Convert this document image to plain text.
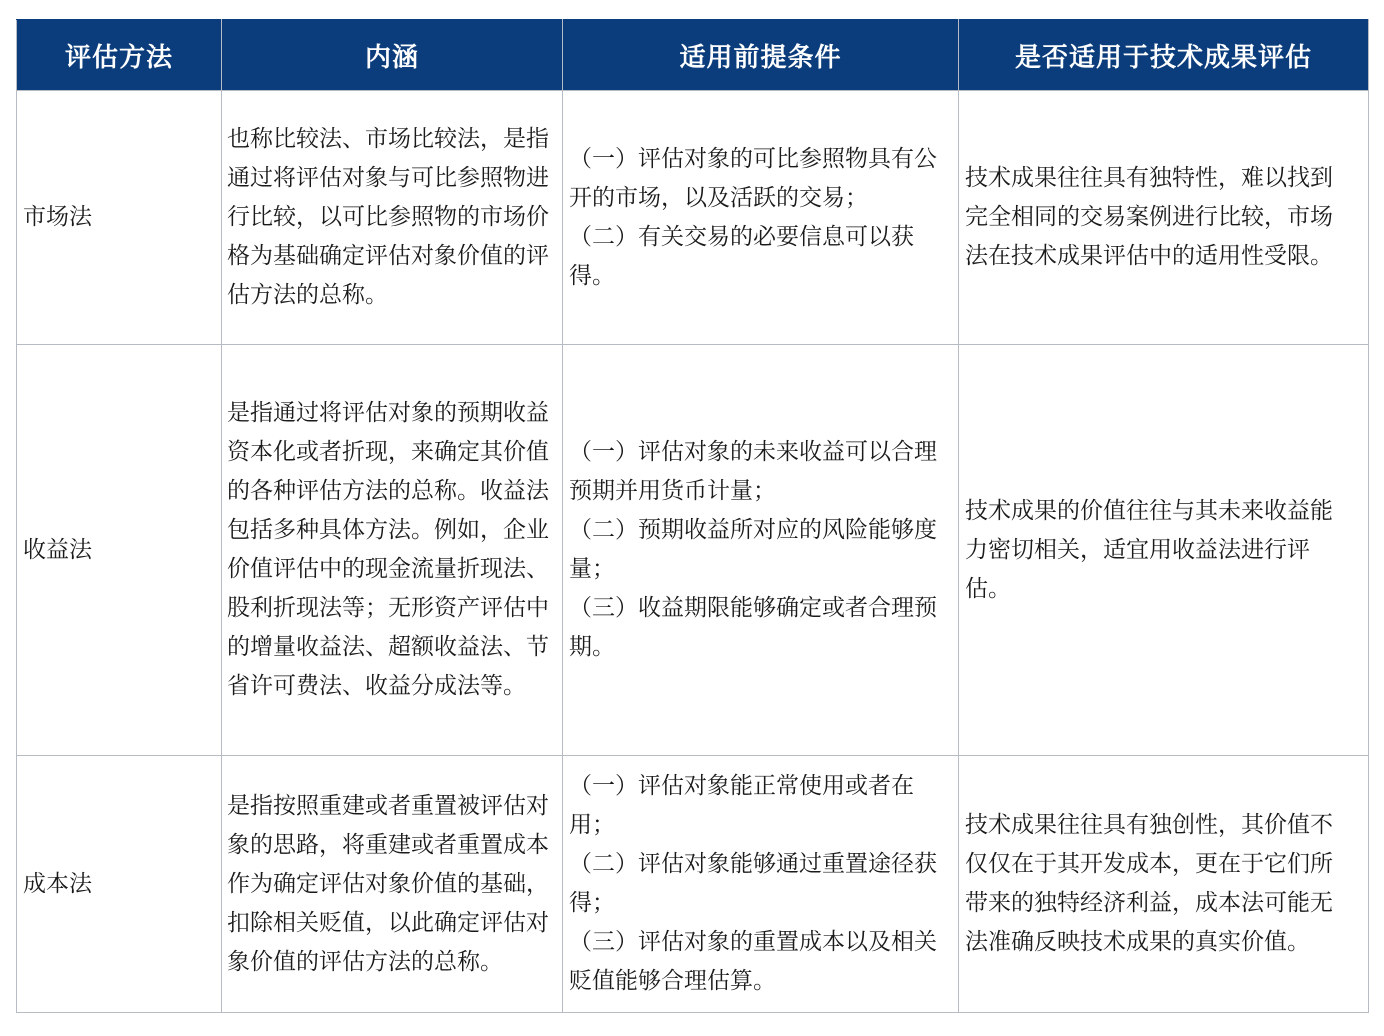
评估方法	内涵	适用前提条件	是否适用于技术成果评估
市场法	也称比较法、市场比较法，是指通过将评估对象与可比参照物进行比较，以可比参照物的市场价格为基础确定评估对象价值的评估方法的总称。	（一）评估对象的可比参照物具有公开的市场，以及活跃的交易；
（二）有关交易的必要信息可以获得。	技术成果往往具有独特性，难以找到完全相同的交易案例进行比较，市场法在技术成果评估中的适用性受限。
收益法	是指通过将评估对象的预期收益资本化或者折现，来确定其价值的各种评估方法的总称。收益法包括多种具体方法。例如，企业价值评估中的现金流量折现法、股利折现法等；无形资产评估中的增量收益法、超额收益法、节省许可费法、收益分成法等。	（一）评估对象的未来收益可以合理预期并用货币计量；
（二）预期收益所对应的风险能够度量；
（三）收益期限能够确定或者合理预期。	技术成果的价值往往与其未来收益能力密切相关，适宜用收益法进行评估。
成本法	是指按照重建或者重置被评估对象的思路，将重建或者重置成本作为确定评估对象价值的基础，扣除相关贬值，以此确定评估对象价值的评估方法的总称。	（一）评估对象能正常使用或者在用；
（二）评估对象能够通过重置途径获得；
（三）评估对象的重置成本以及相关贬值能够合理估算。	技术成果往往具有独创性，其价值不仅仅在于其开发成本，更在于它们所带来的独特经济利益，成本法可能无法准确反映技术成果的真实价值。
